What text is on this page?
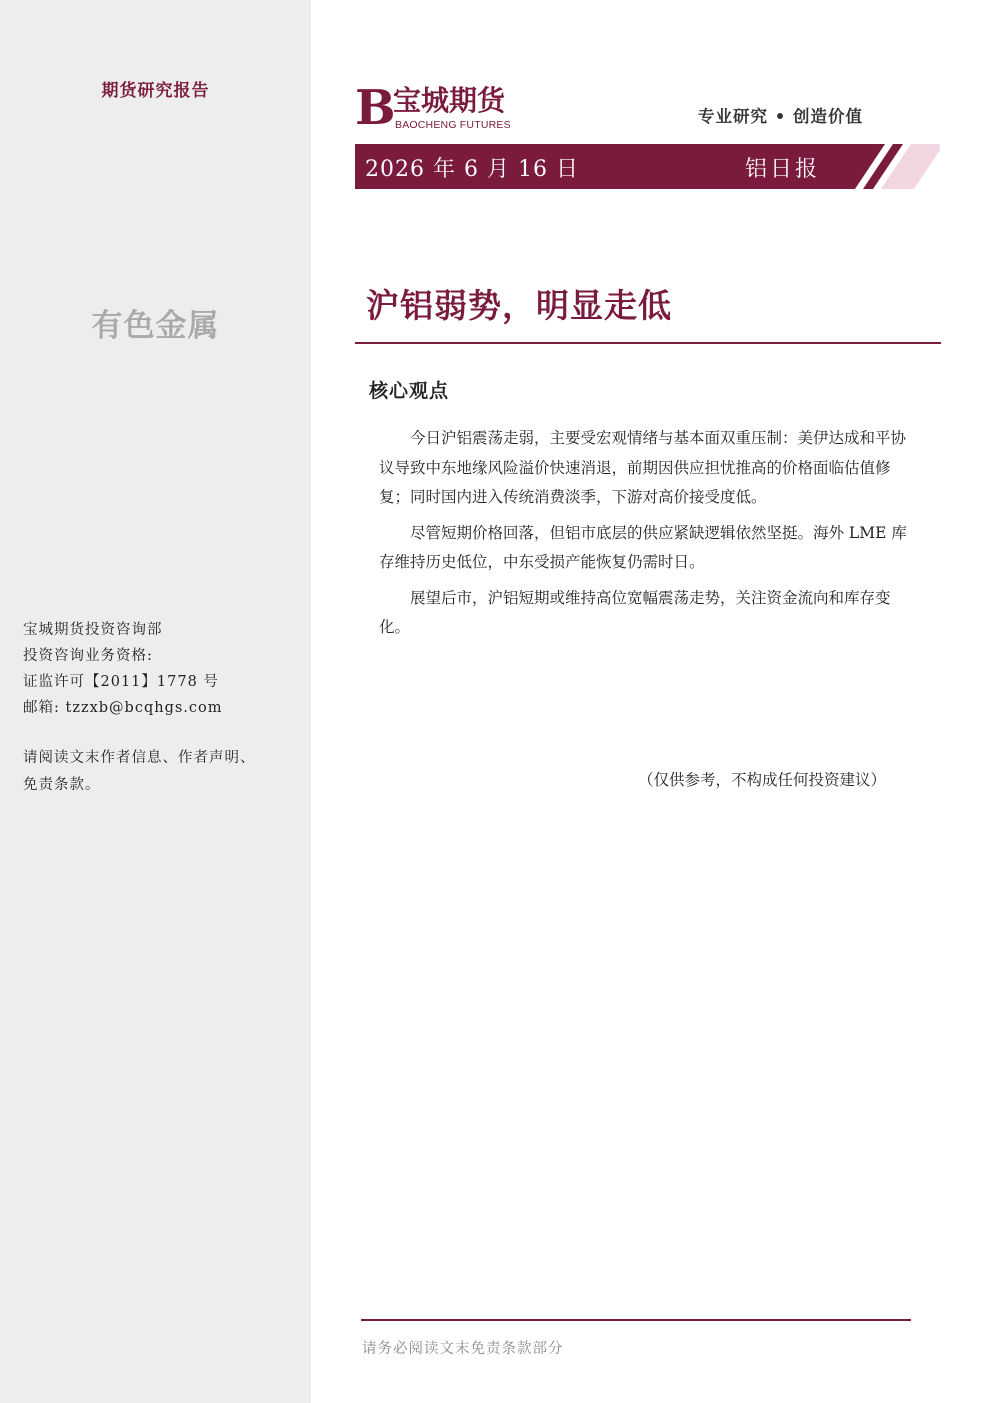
期货研究报告
有色金属
宝城期货投资咨询部
投资咨询业务资格:
证监许可【2011】1778 号
邮箱: tzzxb@bcqhgs.com
请阅读文末作者信息、作者声明、
免责条款。
B
宝城期货
BAOCHENG FUTURES	专业研究 • 创造价值
2026 年 6 月 16 日	铝日报
沪铝弱势，明显走低
核心观点

今日沪铝震荡走弱，主要受宏观情绪与基本面双重压制：美伊达成和平协议导致中东地缘风险溢价快速消退，前期因供应担忧推高的价格面临估值修复；同时国内进入传统消费淡季，下游对高价接受度低。

尽管短期价格回落，但铝市底层的供应紧缺逻辑依然坚挺。海外 LME 库存维持历史低位，中东受损产能恢复仍需时日。

展望后市，沪铝短期或维持高位宽幅震荡走势，关注资金流向和库存变化。

（仅供参考，不构成任何投资建议）
请务必阅读文末免责条款部分
